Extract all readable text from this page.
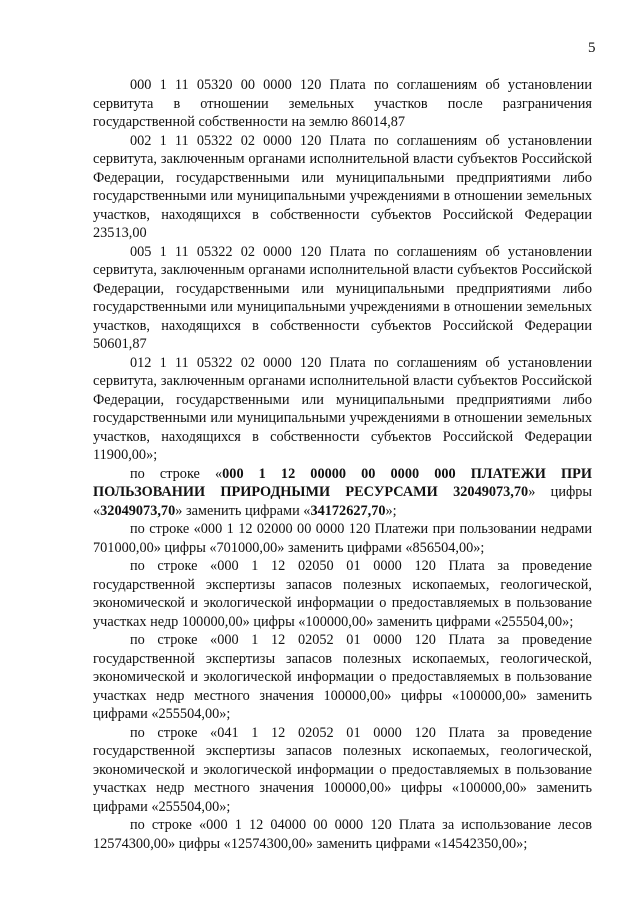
5

000 1 11 05320 00 0000 120 Плата по соглашениям об установлении сервитута в отношении земельных участков после разграничения государственной собственности на землю 86014,87

002 1 11 05322 02 0000 120 Плата по соглашениям об установлении сервитута, заключенным органами исполнительной власти субъектов Российской Федерации, государственными или муниципальными предприятиями либо государственными или муниципальными учреждениями в отношении земельных участков, находящихся в собственности субъектов Российской Федерации 23513,00

005 1 11 05322 02 0000 120 Плата по соглашениям об установлении сервитута, заключенным органами исполнительной власти субъектов Российской Федерации, государственными или муниципальными предприятиями либо государственными или муниципальными учреждениями в отношении земельных участков, находящихся в собственности субъектов Российской Федерации 50601,87

012 1 11 05322 02 0000 120 Плата по соглашениям об установлении сервитута, заключенным органами исполнительной власти субъектов Российской Федерации, государственными или муниципальными предприятиями либо государственными или муниципальными учреждениями в отношении земельных участков, находящихся в собственности субъектов Российской Федерации 11900,00»;

по строке «000 1 12 00000 00 0000 000 ПЛАТЕЖИ ПРИ ПОЛЬЗОВАНИИ ПРИРОДНЫМИ РЕСУРСАМИ 32049073,70» цифры «32049073,70» заменить цифрами «34172627,70»;

по строке «000 1 12 02000 00 0000 120 Платежи при пользовании недрами 701000,00» цифры «701000,00» заменить цифрами «856504,00»;

по строке «000 1 12 02050 01 0000 120 Плата за проведение государственной экспертизы запасов полезных ископаемых, геологической, экономической и экологической информации о предоставляемых в пользование участках недр 100000,00» цифры «100000,00» заменить цифрами «255504,00»;

по строке «000 1 12 02052 01 0000 120 Плата за проведение государственной экспертизы запасов полезных ископаемых, геологической, экономической и экологической информации о предоставляемых в пользование участках недр местного значения 100000,00» цифры «100000,00» заменить цифрами «255504,00»;

по строке «041 1 12 02052 01 0000 120 Плата за проведение государственной экспертизы запасов полезных ископаемых, геологической, экономической и экологической информации о предоставляемых в пользование участках недр местного значения 100000,00» цифры «100000,00» заменить цифрами «255504,00»;

по строке «000 1 12 04000 00 0000 120 Плата за использование лесов 12574300,00» цифры «12574300,00» заменить цифрами «14542350,00»;
